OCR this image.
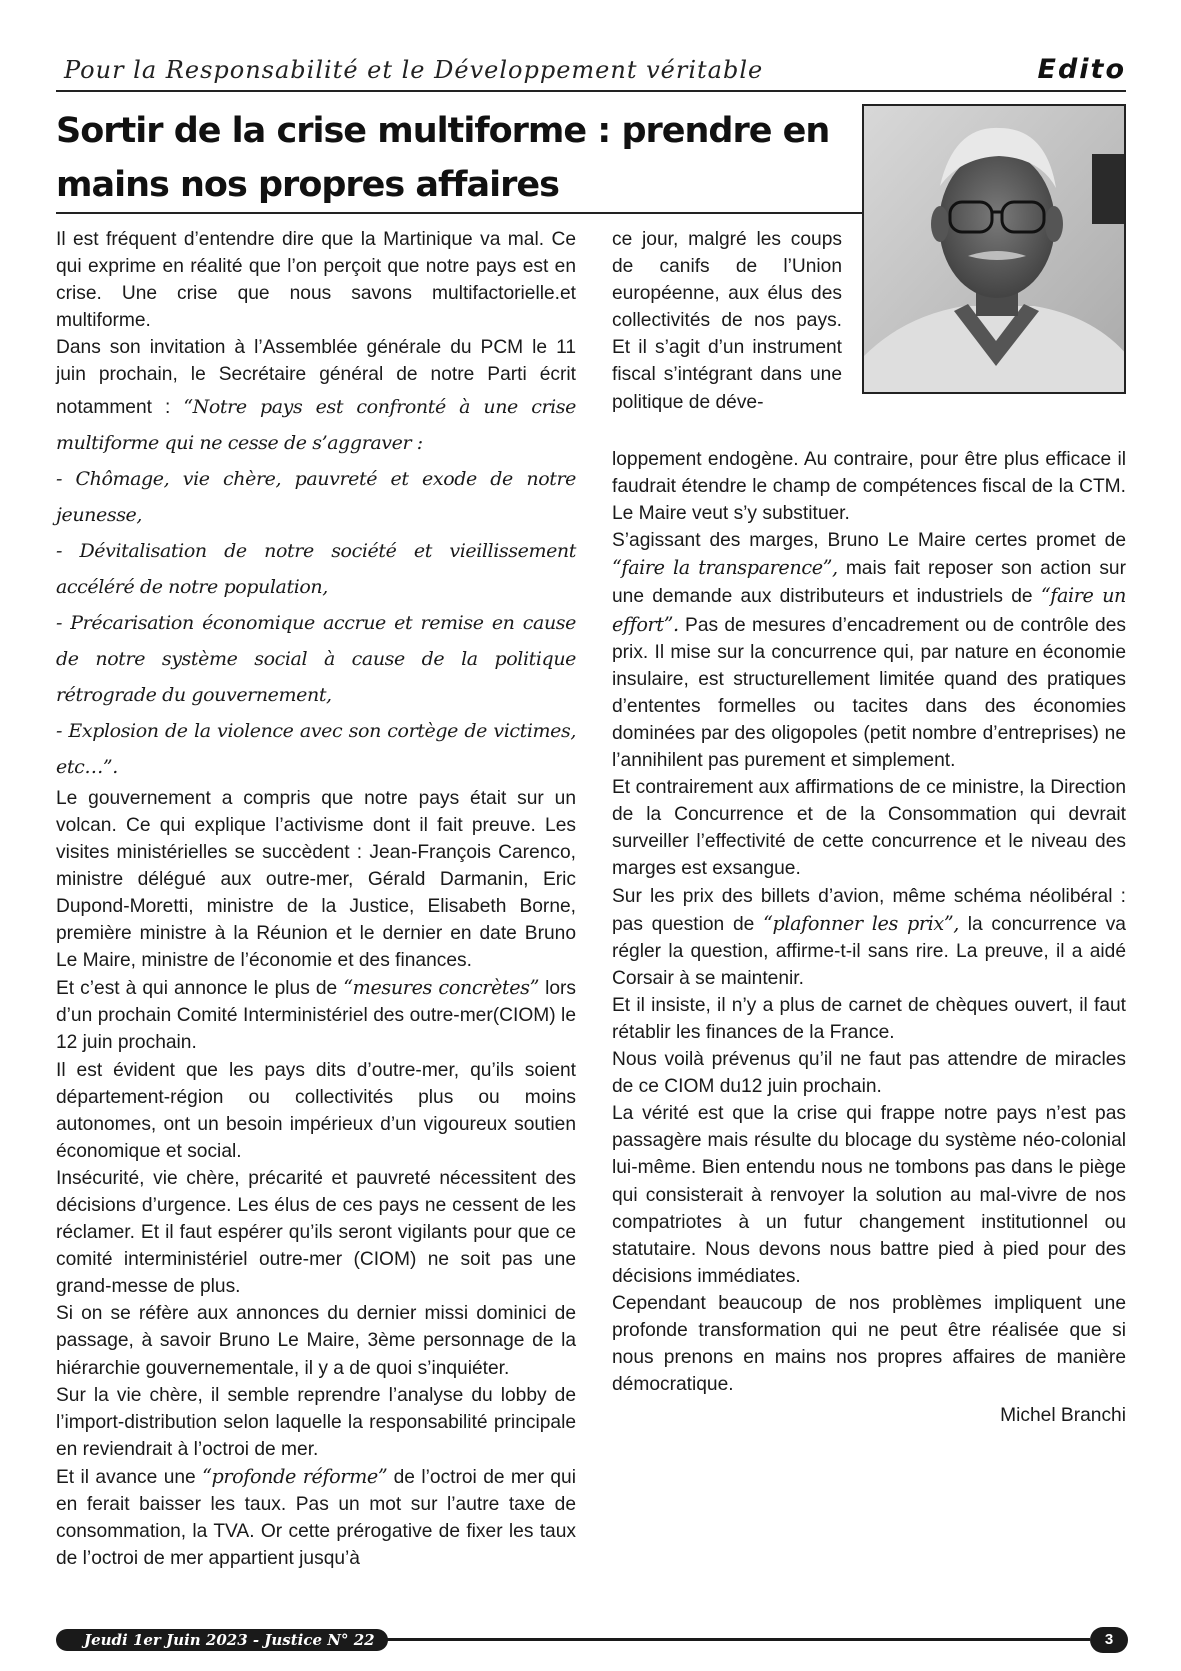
Pour la Responsabilité et le Développement véritable	Edito
Sortir de la crise multiforme : prendre en mains nos propres affaires

Il est fréquent d’entendre dire que la Martinique va mal. Ce qui exprime en réalité que l’on perçoit que notre pays est en crise. Une crise que nous savons multifactorielle.et multiforme.

Dans son invitation à l’Assemblée générale du PCM le 11 juin prochain, le Secrétaire général de notre Parti écrit notamment : “Notre pays est confronté à une crise multiforme qui ne cesse de s’aggraver :

- Chômage, vie chère, pauvreté et exode de notre jeunesse,

- Dévitalisation de notre société et vieillissement accéléré de notre population,

- Précarisation économique accrue et remise en cause de notre système social à cause de la politique rétrograde du gouvernement,

- Explosion de la violence avec son cortège de victimes, etc…”.

Le gouvernement a compris que notre pays était sur un volcan. Ce qui explique l’activisme dont il fait preuve. Les visites ministérielles se succèdent : Jean-François Carenco, ministre délégué aux outre-mer, Gérald Darmanin, Eric Dupond-Moretti, ministre de la Justice, Elisabeth Borne, première ministre à la Réunion et le dernier en date Bruno Le Maire, ministre de l’économie et des finances.

Et c’est à qui annonce le plus de “mesures concrètes” lors d’un prochain Comité Interministériel des outre-mer(CIOM) le 12 juin prochain.

Il est évident que les pays dits d’outre-mer, qu’ils soient département-région ou collectivités plus ou moins autonomes, ont un besoin impérieux d’un vigoureux soutien économique et social.

Insécurité, vie chère, précarité et pauvreté nécessitent des décisions d’urgence. Les élus de ces pays ne cessent de les réclamer. Et il faut espérer qu’ils seront vigilants pour que ce comité interministériel outre-mer (CIOM) ne soit pas une grand-messe de plus.

Si on se réfère aux annonces du dernier missi dominici de passage, à savoir Bruno Le Maire, 3ème personnage de la hiérarchie gouvernementale, il y a de quoi s’inquiéter.

Sur la vie chère, il semble reprendre l’analyse du lobby de l’import-distribution selon laquelle la responsabilité principale en reviendrait à l’octroi de mer.

Et il avance une “profonde réforme” de l’octroi de mer qui en ferait baisser les taux. Pas un mot sur l’autre taxe de consommation, la TVA. Or cette prérogative de fixer les taux de l’octroi de mer appartient jusqu’à

ce jour, malgré les coups de canifs de l’Union européenne, aux élus des collectivités de nos pays. Et il s’agit d’un instrument fiscal s’intégrant dans une politique de déve-

loppement endogène. Au contraire, pour être plus efficace il faudrait étendre le champ de compétences fiscal de la CTM. Le Maire veut s’y substituer.

S’agissant des marges, Bruno Le Maire certes promet de “faire la transparence”, mais fait reposer son action sur une demande aux distributeurs et industriels de “faire un effort”. Pas de mesures d’encadrement ou de contrôle des prix. Il mise sur la concurrence qui, par nature en économie insulaire, est structurellement limitée quand des pratiques d’ententes formelles ou tacites dans des économies dominées par des oligopoles (petit nombre d’entreprises) ne l’annihilent pas purement et simplement.

Et contrairement aux affirmations de ce ministre, la Direction de la Concurrence et de la Consommation qui devrait surveiller l’effectivité de cette concurrence et le niveau des marges est exsangue.

Sur les prix des billets d’avion, même schéma néolibéral : pas question de “plafonner les prix”, la concurrence va régler la question, affirme-t-il sans rire. La preuve, il a aidé Corsair à se maintenir.

Et il insiste, il n’y a plus de carnet de chèques ouvert, il faut rétablir les finances de la France.

Nous voilà prévenus qu’il ne faut pas attendre de miracles de ce CIOM du12 juin prochain.

La vérité est que la crise qui frappe notre pays n’est pas passagère mais résulte du blocage du système néo-colonial lui-même. Bien entendu nous ne tombons pas dans le piège qui consisterait à renvoyer la solution au mal-vivre de nos compatriotes à un futur changement institutionnel ou statutaire. Nous devons nous battre pied à pied pour des décisions immédiates.

Cependant beaucoup de nos problèmes impliquent une profonde transformation qui ne peut être réalisée que si nous prenons en mains nos propres affaires de manière démocratique.

Michel Branchi

Jeudi 1er Juin 2023 - Justice N° 22	3
